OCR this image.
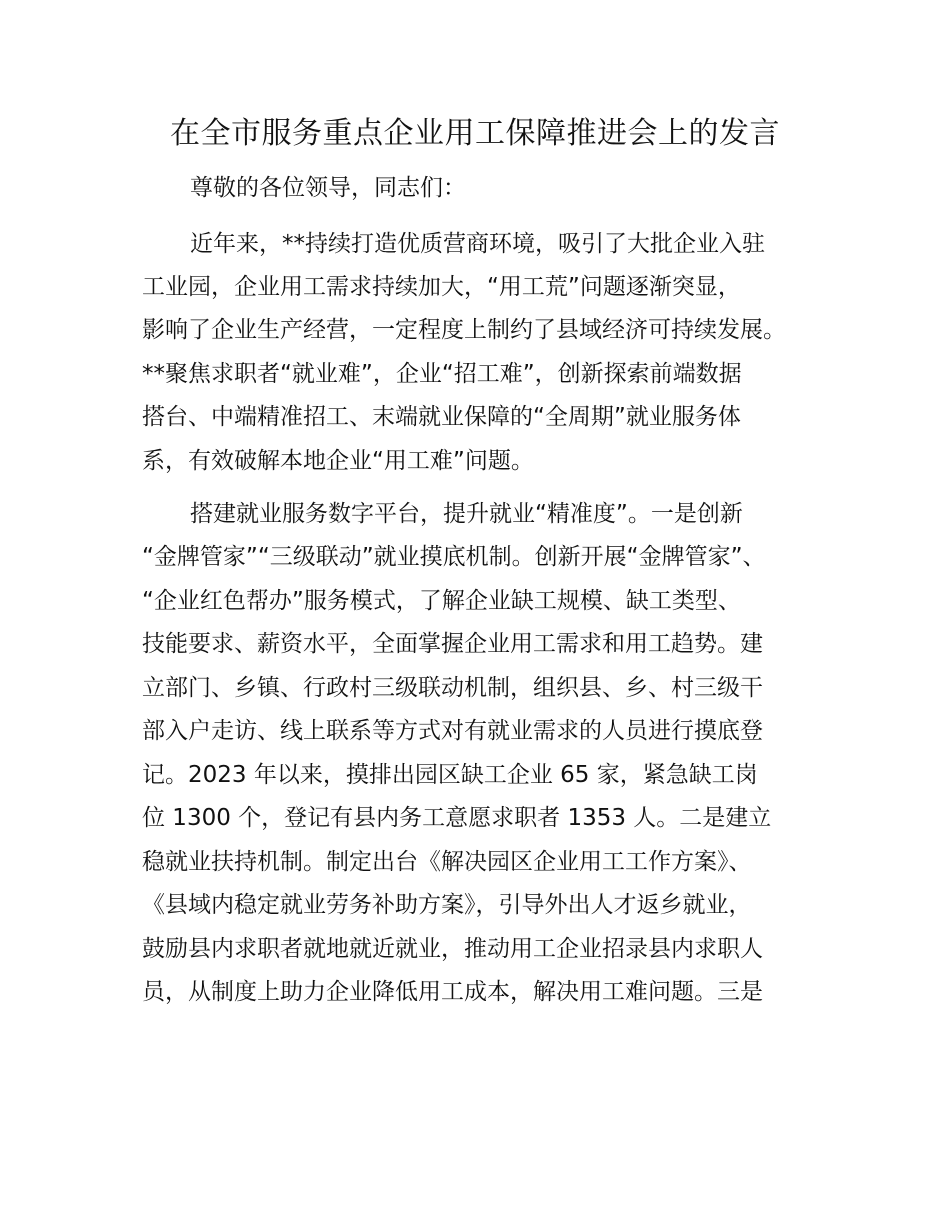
在全市服务重点企业用工保障推进会上的发言
尊敬的各位领导，同志们：
近年来，**持续打造优质营商环境，吸引了大批企业入驻
工业园，企业用工需求持续加大，“用工荒”问题逐渐突显，
影响了企业生产经营，一定程度上制约了县域经济可持续发展。
**聚焦求职者“就业难”，企业“招工难”，创新探索前端数据
搭台、中端精准招工、末端就业保障的“全周期”就业服务体
系，有效破解本地企业“用工难”问题。
搭建就业服务数字平台，提升就业“精准度”。一是创新
“金牌管家”“三级联动”就业摸底机制。创新开展“金牌管家”、
“企业红色帮办”服务模式，了解企业缺工规模、缺工类型、
技能要求、薪资水平，全面掌握企业用工需求和用工趋势。建
立部门、乡镇、行政村三级联动机制，组织县、乡、村三级干
部入户走访、线上联系等方式对有就业需求的人员进行摸底登
记。2023 年以来，摸排出园区缺工企业 65 家，紧急缺工岗
位 1300 个，登记有县内务工意愿求职者 1353 人。二是建立
稳就业扶持机制。制定出台《解决园区企业用工工作方案》、
《县域内稳定就业劳务补助方案》，引导外出人才返乡就业，
鼓励县内求职者就地就近就业，推动用工企业招录县内求职人
员，从制度上助力企业降低用工成本，解决用工难问题。三是
